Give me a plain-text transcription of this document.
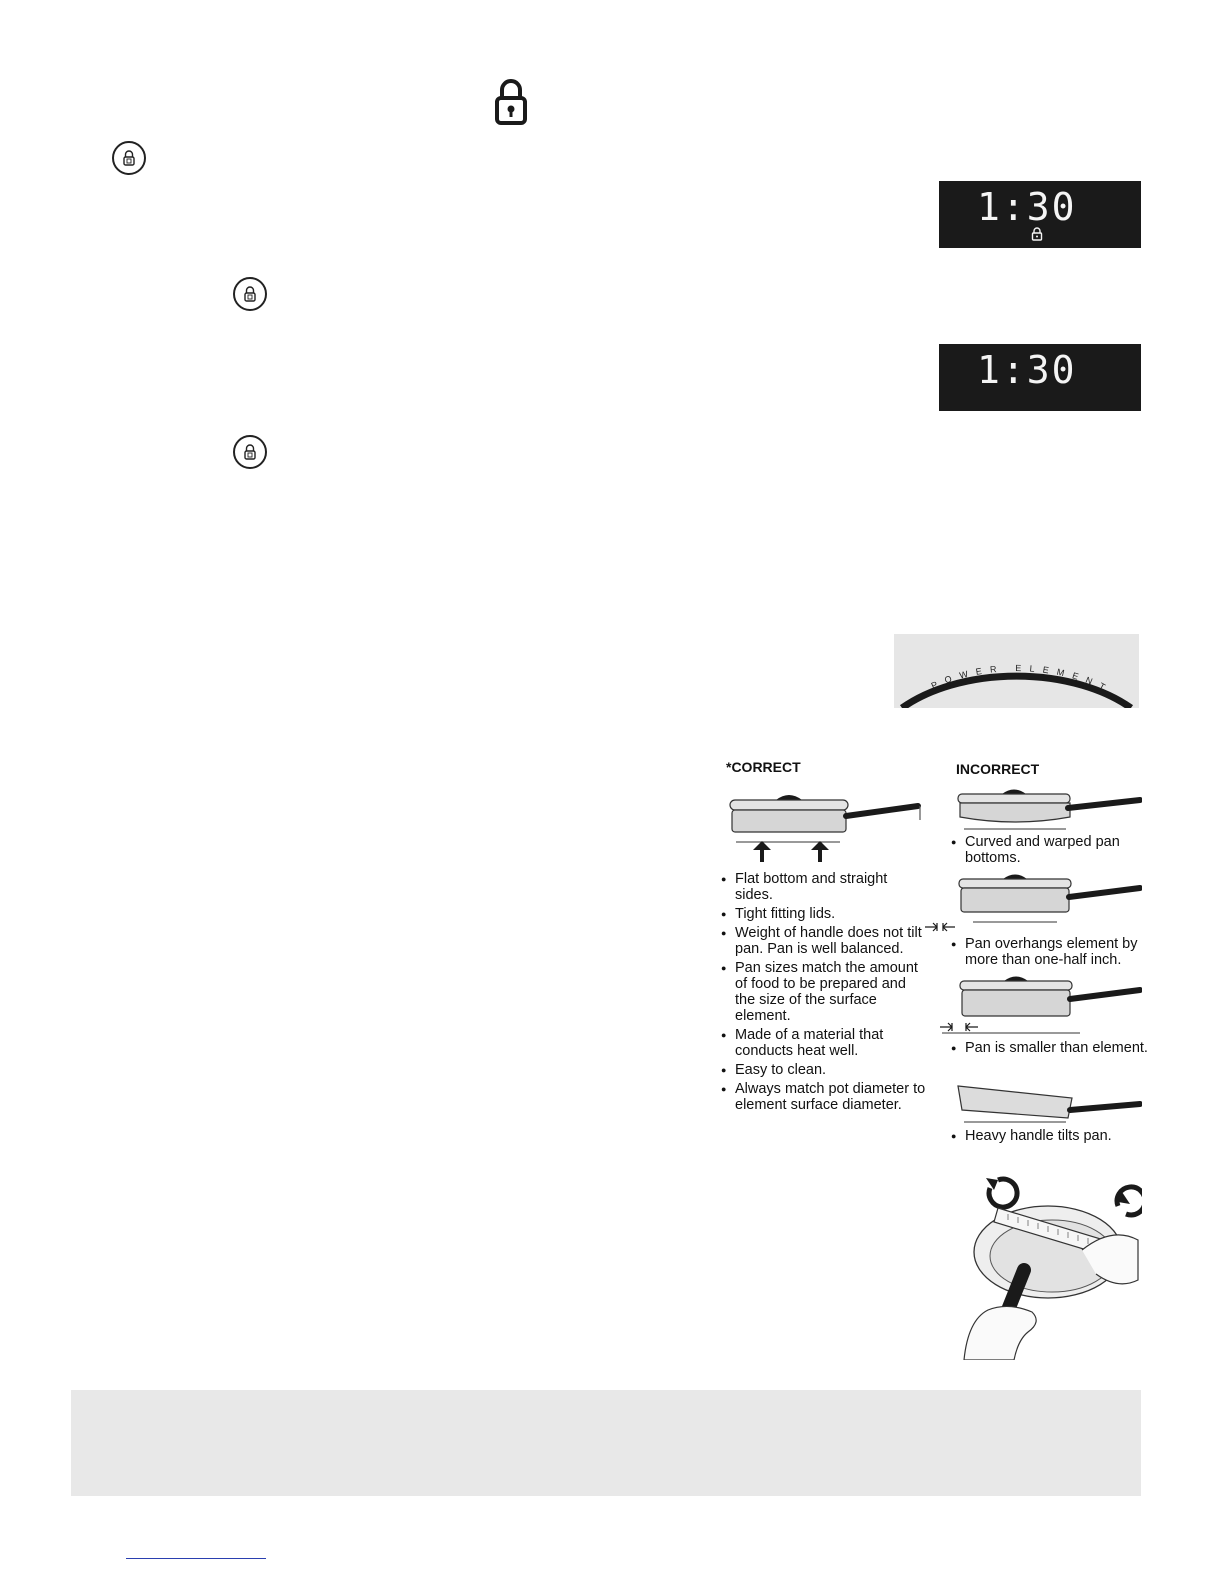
1:30
1:30
POWER ELEMENT
*CORRECT
● Flat bottom and straight sides.
● Tight fitting lids.
● Weight of handle does not tilt pan. Pan is well balanced.
● Pan sizes match the amount of food to be prepared and the size of the surface element.
● Made of a material that conducts heat well.
● Easy to clean.
● Always match pot diameter to element surface diameter.
INCORRECT
● Curved and warped pan bottoms.
● Pan overhangs element by more than one-half inch.
● Pan is smaller than element.
● Heavy handle tilts pan.
